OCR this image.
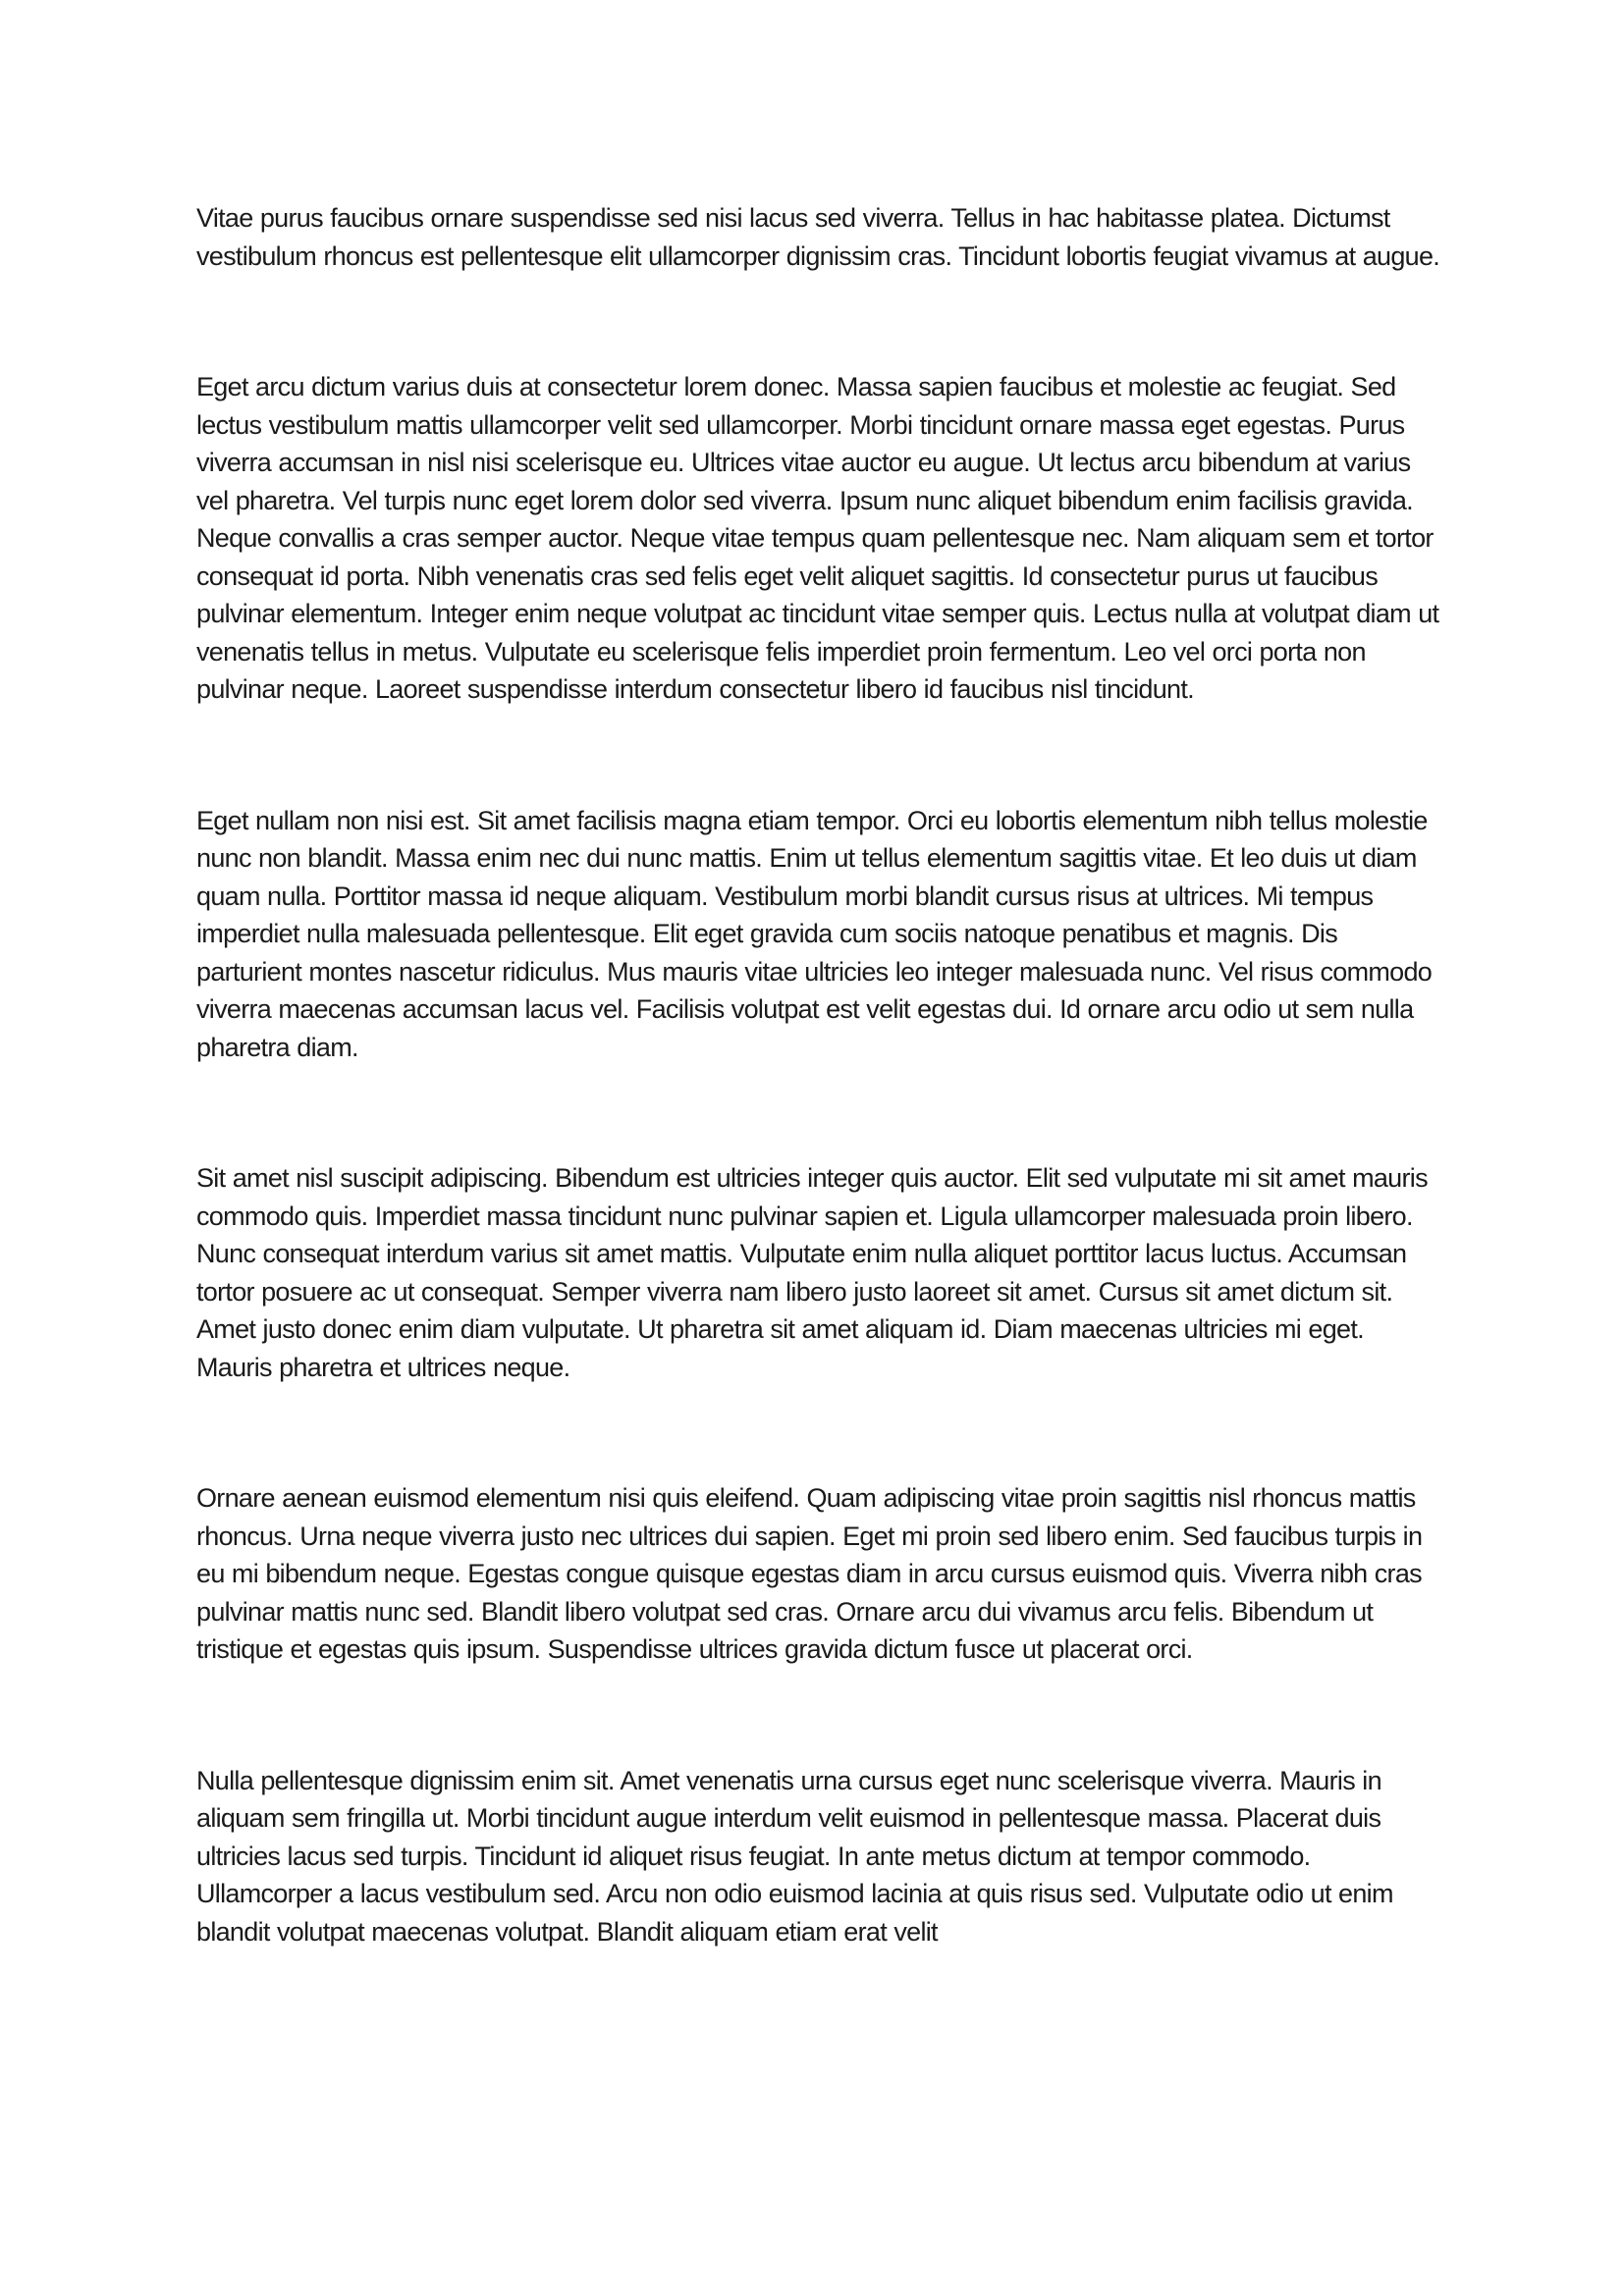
Vitae purus faucibus ornare suspendisse sed nisi lacus sed viverra. Tellus in hac habitasse platea. Dictumst vestibulum rhoncus est pellentesque elit ullamcorper dignissim cras. Tincidunt lobortis feugiat vivamus at augue.

Eget arcu dictum varius duis at consectetur lorem donec. Massa sapien faucibus et molestie ac feugiat. Sed lectus vestibulum mattis ullamcorper velit sed ullamcorper. Morbi tincidunt ornare massa eget egestas. Purus viverra accumsan in nisl nisi scelerisque eu. Ultrices vitae auctor eu augue. Ut lectus arcu bibendum at varius vel pharetra. Vel turpis nunc eget lorem dolor sed viverra. Ipsum nunc aliquet bibendum enim facilisis gravida. Neque convallis a cras semper auctor. Neque vitae tempus quam pellentesque nec. Nam aliquam sem et tortor consequat id porta. Nibh venenatis cras sed felis eget velit aliquet sagittis. Id consectetur purus ut faucibus pulvinar elementum. Integer enim neque volutpat ac tincidunt vitae semper quis. Lectus nulla at volutpat diam ut venenatis tellus in metus. Vulputate eu scelerisque felis imperdiet proin fermentum. Leo vel orci porta non pulvinar neque. Laoreet suspendisse interdum consectetur libero id faucibus nisl tincidunt.

Eget nullam non nisi est. Sit amet facilisis magna etiam tempor. Orci eu lobortis elementum nibh tellus molestie nunc non blandit. Massa enim nec dui nunc mattis. Enim ut tellus elementum sagittis vitae. Et leo duis ut diam quam nulla. Porttitor massa id neque aliquam. Vestibulum morbi blandit cursus risus at ultrices. Mi tempus imperdiet nulla malesuada pellentesque. Elit eget gravida cum sociis natoque penatibus et magnis. Dis parturient montes nascetur ridiculus. Mus mauris vitae ultricies leo integer malesuada nunc. Vel risus commodo viverra maecenas accumsan lacus vel. Facilisis volutpat est velit egestas dui. Id ornare arcu odio ut sem nulla pharetra diam.

Sit amet nisl suscipit adipiscing. Bibendum est ultricies integer quis auctor. Elit sed vulputate mi sit amet mauris commodo quis. Imperdiet massa tincidunt nunc pulvinar sapien et. Ligula ullamcorper malesuada proin libero. Nunc consequat interdum varius sit amet mattis. Vulputate enim nulla aliquet porttitor lacus luctus. Accumsan tortor posuere ac ut consequat. Semper viverra nam libero justo laoreet sit amet. Cursus sit amet dictum sit. Amet justo donec enim diam vulputate. Ut pharetra sit amet aliquam id. Diam maecenas ultricies mi eget. Mauris pharetra et ultrices neque.

Ornare aenean euismod elementum nisi quis eleifend. Quam adipiscing vitae proin sagittis nisl rhoncus mattis rhoncus. Urna neque viverra justo nec ultrices dui sapien. Eget mi proin sed libero enim. Sed faucibus turpis in eu mi bibendum neque. Egestas congue quisque egestas diam in arcu cursus euismod quis. Viverra nibh cras pulvinar mattis nunc sed. Blandit libero volutpat sed cras. Ornare arcu dui vivamus arcu felis. Bibendum ut tristique et egestas quis ipsum. Suspendisse ultrices gravida dictum fusce ut placerat orci.

Nulla pellentesque dignissim enim sit. Amet venenatis urna cursus eget nunc scelerisque viverra. Mauris in aliquam sem fringilla ut. Morbi tincidunt augue interdum velit euismod in pellentesque massa. Placerat duis ultricies lacus sed turpis. Tincidunt id aliquet risus feugiat. In ante metus dictum at tempor commodo. Ullamcorper a lacus vestibulum sed. Arcu non odio euismod lacinia at quis risus sed. Vulputate odio ut enim blandit volutpat maecenas volutpat. Blandit aliquam etiam erat velit
